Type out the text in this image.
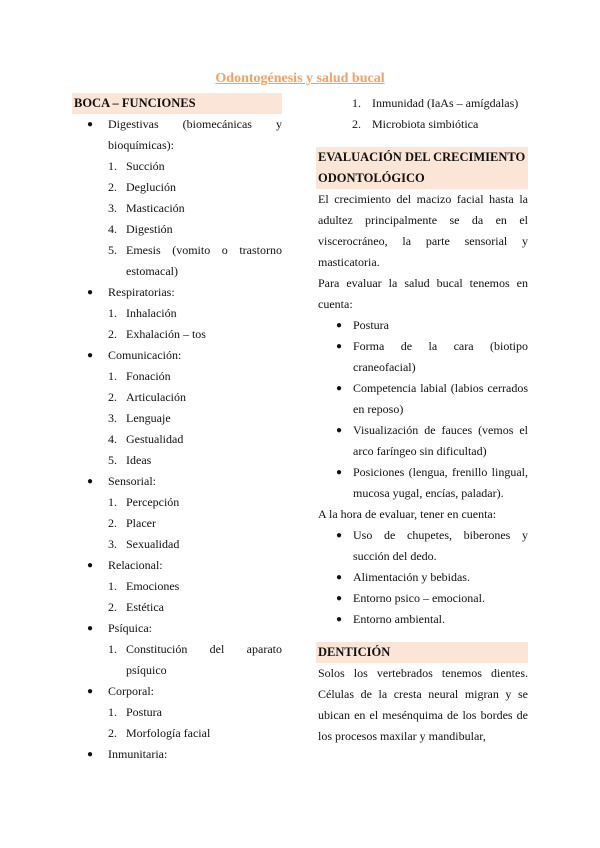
Odontogénesis y salud bucal
BOCA – FUNCIONES
● Digestivas (biomecánicas y bioquímicas):
1. Succión
2. Deglución
3. Masticación
4. Digestión
5. Emesis (vomito o trastorno estomacal)
● Respiratorias:
1. Inhalación
2. Exhalación – tos
● Comunicación:
1. Fonación
2. Articulación
3. Lenguaje
4. Gestualidad
5. Ideas
● Sensorial:
1. Percepción
2. Placer
3. Sexualidad
● Relacional:
1. Emociones
2. Estética
● Psíquica:
1. Constitución del aparato psíquico
● Corporal:
1. Postura
2. Morfología facial
● Inmunitaria:
1. Inmunidad (IaAs – amígdalas)
2. Microbiota simbiótica
EVALUACIÓN DEL CRECIMIENTO ODONTOLÓGICO
El crecimiento del macizo facial hasta la adultez principalmente se da en el viscerocráneo, la parte sensorial y masticatoria.
Para evaluar la salud bucal tenemos en cuenta:
● Postura
● Forma de la cara (biotipo craneofacial)
● Competencia labial (labios cerrados en reposo)
● Visualización de fauces (vemos el arco faríngeo sin dificultad)
● Posiciones (lengua, frenillo lingual, mucosa yugal, encías, paladar).
A la hora de evaluar, tener en cuenta:
● Uso de chupetes, biberones y succión del dedo.
● Alimentación y bebidas.
● Entorno psico – emocional.
● Entorno ambiental.
DENTICIÓN
Solos los vertebrados tenemos dientes. Células de la cresta neural migran y se ubican en el mesénquima de los bordes de los procesos maxilar y mandibular,
